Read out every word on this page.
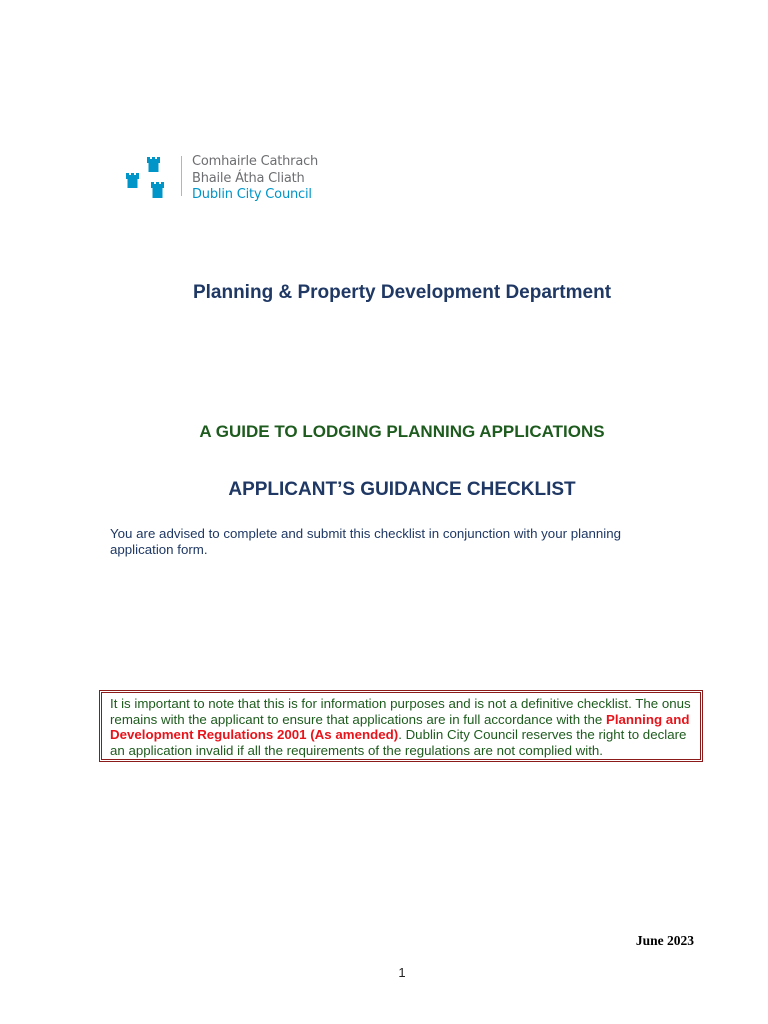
Comhairle Cathrach
Bhaile Átha Cliath
Dublin City Council
Planning & Property Development Department
A GUIDE TO LODGING PLANNING APPLICATIONS
APPLICANT’S GUIDANCE CHECKLIST

You are advised to complete and submit this checklist in conjunction with your planning application form.

It is important to note that this is for information purposes and is not a definitive checklist. The onus remains with the applicant to ensure that applications are in full accordance with the Planning and Development Regulations 2001 (As amended). Dublin City Council reserves the right to declare an application invalid if all the requirements of the regulations are not complied with.

June 2023
1
